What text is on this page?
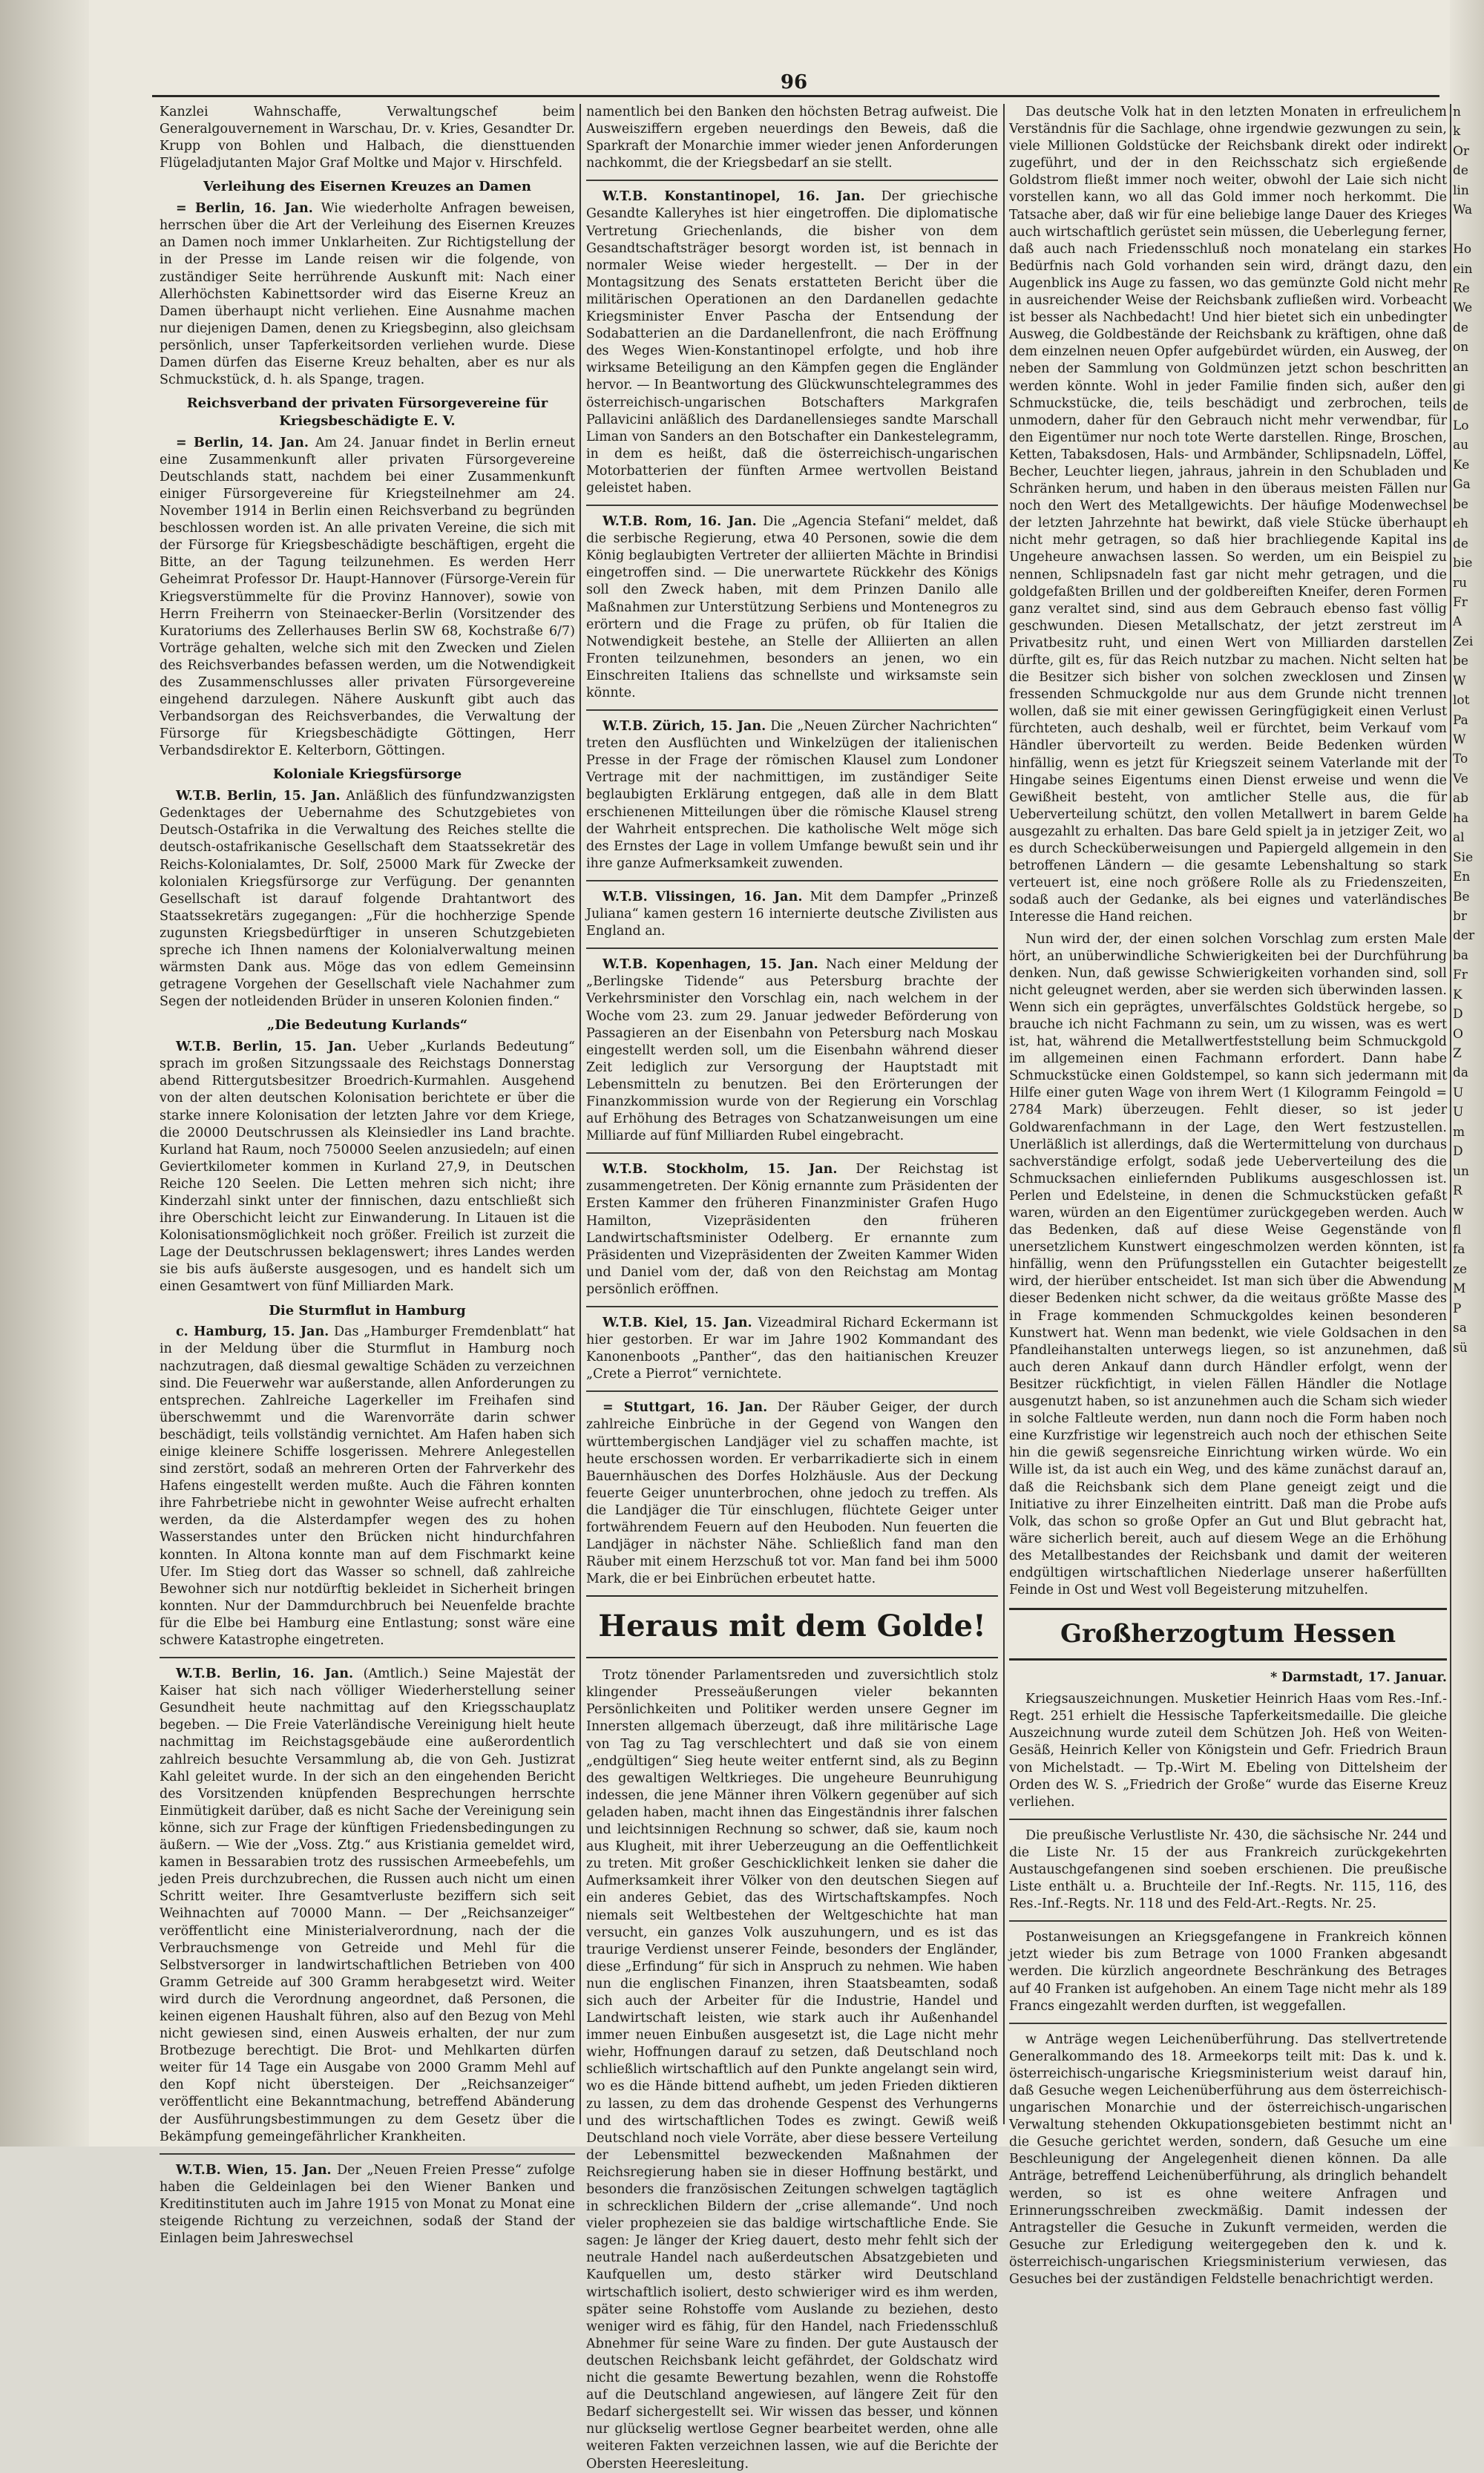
96

Kanzlei Wahnschaffe, Verwaltungschef beim Generalgouvernement in Warschau, Dr. v. Kries, Gesandter Dr. Krupp von Bohlen und Halbach, die diensttuenden Flügeladjutanten Major Graf Moltke und Major v. Hirschfeld.

Verleihung des Eisernen Kreuzes an Damen

= Berlin, 16. Jan. Wie wiederholte Anfragen beweisen, herrschen über die Art der Verleihung des Eisernen Kreuzes an Damen noch immer Unklarheiten. Zur Richtigstellung der in der Presse im Lande reisen wir die folgende, von zuständiger Seite herrührende Auskunft mit: Nach einer Allerhöchsten Kabinettsorder wird das Eiserne Kreuz an Damen überhaupt nicht verliehen. Eine Ausnahme machen nur diejenigen Damen, denen zu Kriegsbeginn, also gleichsam persönlich, unser Tapferkeitsorden verliehen wurde. Diese Damen dürfen das Eiserne Kreuz behalten, aber es nur als Schmuckstück, d. h. als Spange, tragen.

Reichsverband der privaten Fürsorgevereine für Kriegsbeschädigte E. V.

= Berlin, 14. Jan. Am 24. Januar findet in Berlin erneut eine Zusammenkunft aller privaten Fürsorgevereine Deutschlands statt, nachdem bei einer Zusammenkunft einiger Fürsorgevereine für Kriegsteilnehmer am 24. November 1914 in Berlin einen Reichsverband zu begründen beschlossen worden ist. An alle privaten Vereine, die sich mit der Fürsorge für Kriegsbeschädigte beschäftigen, ergeht die Bitte, an der Tagung teilzunehmen. Es werden Herr Geheimrat Professor Dr. Haupt-Hannover (Fürsorge-Verein für Kriegsverstümmelte für die Provinz Hannover), sowie von Herrn Freiherrn von Steinaecker-Berlin (Vorsitzender des Kuratoriums des Zellerhauses Berlin SW 68, Kochstraße 6/7) Vorträge gehalten, welche sich mit den Zwecken und Zielen des Reichsverbandes befassen werden, um die Notwendigkeit des Zusammenschlusses aller privaten Fürsorgevereine eingehend darzulegen. Nähere Auskunft gibt auch das Verbandsorgan des Reichsverbandes, die Verwaltung der Fürsorge für Kriegsbeschädigte Göttingen, Herr Verbandsdirektor E. Kelterborn, Göttingen.

Koloniale Kriegsfürsorge

W.T.B. Berlin, 15. Jan. Anläßlich des fünfundzwanzigsten Gedenktages der Uebernahme des Schutzgebietes von Deutsch-Ostafrika in die Verwaltung des Reiches stellte die deutsch-ostafrikanische Gesellschaft dem Staatssekretär des Reichs-Kolonialamtes, Dr. Solf, 25000 Mark für Zwecke der kolonialen Kriegsfürsorge zur Verfügung. Der genannten Gesellschaft ist darauf folgende Drahtantwort des Staatssekretärs zugegangen: „Für die hochherzige Spende zugunsten Kriegsbedürftiger in unseren Schutzgebieten spreche ich Ihnen namens der Kolonialverwaltung meinen wärmsten Dank aus. Möge das von edlem Gemeinsinn getragene Vorgehen der Gesellschaft viele Nachahmer zum Segen der notleidenden Brüder in unseren Kolonien finden.“

„Die Bedeutung Kurlands“

W.T.B. Berlin, 15. Jan. Ueber „Kurlands Bedeutung“ sprach im großen Sitzungssaale des Reichstags Donnerstag abend Rittergutsbesitzer Broedrich-Kurmahlen. Ausgehend von der alten deutschen Kolonisation berichtete er über die starke innere Kolonisation der letzten Jahre vor dem Kriege, die 20000 Deutschrussen als Kleinsiedler ins Land brachte. Kurland hat Raum, noch 750000 Seelen anzusiedeln; auf einen Geviertkilometer kommen in Kurland 27,9, in Deutschen Reiche 120 Seelen. Die Letten mehren sich nicht; ihre Kinderzahl sinkt unter der finnischen, dazu entschließt sich ihre Oberschicht leicht zur Einwanderung. In Litauen ist die Kolonisationsmöglichkeit noch größer. Freilich ist zurzeit die Lage der Deutschrussen beklagenswert; ihres Landes werden sie bis aufs äußerste ausgesogen, und es handelt sich um einen Gesamtwert von fünf Milliarden Mark.

Die Sturmflut in Hamburg

c. Hamburg, 15. Jan. Das „Hamburger Fremdenblatt“ hat in der Meldung über die Sturmflut in Hamburg noch nachzutragen, daß diesmal gewaltige Schäden zu verzeichnen sind. Die Feuerwehr war außerstande, allen Anforderungen zu entsprechen. Zahlreiche Lagerkeller im Freihafen sind überschwemmt und die Warenvorräte darin schwer beschädigt, teils vollständig vernichtet. Am Hafen haben sich einige kleinere Schiffe losgerissen. Mehrere Anlegestellen sind zerstört, sodaß an mehreren Orten der Fahrverkehr des Hafens eingestellt werden mußte. Auch die Fähren konnten ihre Fahrbetriebe nicht in gewohnter Weise aufrecht erhalten werden, da die Alsterdampfer wegen des zu hohen Wasserstandes unter den Brücken nicht hindurchfahren konnten. In Altona konnte man auf dem Fischmarkt keine Ufer. Im Stieg dort das Wasser so schnell, daß zahlreiche Bewohner sich nur notdürftig bekleidet in Sicherheit bringen konnten. Nur der Dammdurchbruch bei Neuenfelde brachte für die Elbe bei Hamburg eine Entlastung; sonst wäre eine schwere Katastrophe eingetreten.

W.T.B. Berlin, 16. Jan. (Amtlich.) Seine Majestät der Kaiser hat sich nach völliger Wiederherstellung seiner Gesundheit heute nachmittag auf den Kriegsschauplatz begeben. — Die Freie Vaterländische Vereinigung hielt heute nachmittag im Reichstagsgebäude eine außerordentlich zahlreich besuchte Versammlung ab, die von Geh. Justizrat Kahl geleitet wurde. In der sich an den eingehenden Bericht des Vorsitzenden knüpfenden Besprechungen herrschte Einmütigkeit darüber, daß es nicht Sache der Vereinigung sein könne, sich zur Frage der künftigen Friedensbedingungen zu äußern. — Wie der „Voss. Ztg.“ aus Kristiania gemeldet wird, kamen in Bessarabien trotz des russischen Armeebefehls, um jeden Preis durchzubrechen, die Russen auch nicht um einen Schritt weiter. Ihre Gesamtverluste beziffern sich seit Weihnachten auf 70000 Mann. — Der „Reichsanzeiger“ veröffentlicht eine Ministerialverordnung, nach der die Verbrauchsmenge von Getreide und Mehl für die Selbstversorger in landwirtschaftlichen Betrieben von 400 Gramm Getreide auf 300 Gramm herabgesetzt wird. Weiter wird durch die Verordnung angeordnet, daß Personen, die keinen eigenen Haushalt führen, also auf den Bezug von Mehl nicht gewiesen sind, einen Ausweis erhalten, der nur zum Brotbezuge berechtigt. Die Brot- und Mehlkarten dürfen weiter für 14 Tage ein Ausgabe von 2000 Gramm Mehl auf den Kopf nicht übersteigen. Der „Reichsanzeiger“ veröffentlicht eine Bekanntmachung, betreffend Abänderung der Ausführungsbestimmungen zu dem Gesetz über die Bekämpfung gemeingefährlicher Krankheiten.

W.T.B. Wien, 15. Jan. Der „Neuen Freien Presse“ zufolge haben die Geldeinlagen bei den Wiener Banken und Kreditinstituten auch im Jahre 1915 von Monat zu Monat eine steigende Richtung zu verzeichnen, sodaß der Stand der Einlagen beim Jahreswechsel

namentlich bei den Banken den höchsten Betrag aufweist. Die Ausweisziffern ergeben neuerdings den Beweis, daß die Sparkraft der Monarchie immer wieder jenen Anforderungen nachkommt, die der Kriegsbedarf an sie stellt.

W.T.B. Konstantinopel, 16. Jan. Der griechische Gesandte Kalleryhes ist hier eingetroffen. Die diplomatische Vertretung Griechenlands, die bisher von dem Gesandtschaftsträger besorgt worden ist, ist bennach in normaler Weise wieder hergestellt. — Der in der Montagsitzung des Senats erstatteten Bericht über die militärischen Operationen an den Dardanellen gedachte Kriegsminister Enver Pascha der Entsendung der Sodabatterien an die Dardanellenfront, die nach Eröffnung des Weges Wien-Konstantinopel erfolgte, und hob ihre wirksame Beteiligung an den Kämpfen gegen die Engländer hervor. — In Beantwortung des Glückwunschtelegrammes des österreichisch-ungarischen Botschafters Markgrafen Pallavicini anläßlich des Dardanellensieges sandte Marschall Liman von Sanders an den Botschafter ein Dankestelegramm, in dem es heißt, daß die österreichisch-ungarischen Motorbatterien der fünften Armee wertvollen Beistand geleistet haben.

W.T.B. Rom, 16. Jan. Die „Agencia Stefani“ meldet, daß die serbische Regierung, etwa 40 Personen, sowie die dem König beglaubigten Vertreter der alliierten Mächte in Brindisi eingetroffen sind. — Die unerwartete Rückkehr des Königs soll den Zweck haben, mit dem Prinzen Danilo alle Maßnahmen zur Unterstützung Serbiens und Montenegros zu erörtern und die Frage zu prüfen, ob für Italien die Notwendigkeit bestehe, an Stelle der Alliierten an allen Fronten teilzunehmen, besonders an jenen, wo ein Einschreiten Italiens das schnellste und wirksamste sein könnte.

W.T.B. Zürich, 15. Jan. Die „Neuen Zürcher Nachrichten“ treten den Ausflüchten und Winkelzügen der italienischen Presse in der Frage der römischen Klausel zum Londoner Vertrage mit der nachmittigen, im zuständiger Seite beglaubigten Erklärung entgegen, daß alle in dem Blatt erschienenen Mitteilungen über die römische Klausel streng der Wahrheit entsprechen. Die katholische Welt möge sich des Ernstes der Lage in vollem Umfange bewußt sein und ihr ihre ganze Aufmerksamkeit zuwenden.

W.T.B. Vlissingen, 16. Jan. Mit dem Dampfer „Prinzeß Juliana“ kamen gestern 16 internierte deutsche Zivilisten aus England an.

W.T.B. Kopenhagen, 15. Jan. Nach einer Meldung der „Berlingske Tidende“ aus Petersburg brachte der Verkehrsminister den Vorschlag ein, nach welchem in der Woche vom 23. zum 29. Januar jedweder Beförderung von Passagieren an der Eisenbahn von Petersburg nach Moskau eingestellt werden soll, um die Eisenbahn während dieser Zeit lediglich zur Versorgung der Hauptstadt mit Lebensmitteln zu benutzen. Bei den Erörterungen der Finanzkommission wurde von der Regierung ein Vorschlag auf Erhöhung des Betrages von Schatzanweisungen um eine Milliarde auf fünf Milliarden Rubel eingebracht.

W.T.B. Stockholm, 15. Jan. Der Reichstag ist zusammengetreten. Der König ernannte zum Präsidenten der Ersten Kammer den früheren Finanzminister Grafen Hugo Hamilton, Vizepräsidenten den früheren Landwirtschaftsminister Odelberg. Er ernannte zum Präsidenten und Vizepräsidenten der Zweiten Kammer Widen und Daniel vom der, daß von den Reichstag am Montag persönlich eröffnen.

W.T.B. Kiel, 15. Jan. Vizeadmiral Richard Eckermann ist hier gestorben. Er war im Jahre 1902 Kommandant des Kanonenboots „Panther“, das den haitianischen Kreuzer „Crete a Pierrot“ vernichtete.

= Stuttgart, 16. Jan. Der Räuber Geiger, der durch zahlreiche Einbrüche in der Gegend von Wangen den württembergischen Landjäger viel zu schaffen machte, ist heute erschossen worden. Er verbarrikadierte sich in einem Bauernhäuschen des Dorfes Holzhäusle. Aus der Deckung feuerte Geiger ununterbrochen, ohne jedoch zu treffen. Als die Landjäger die Tür einschlugen, flüchtete Geiger unter fortwährendem Feuern auf den Heuboden. Nun feuerten die Landjäger in nächster Nähe. Schließlich fand man den Räuber mit einem Herzschuß tot vor. Man fand bei ihm 5000 Mark, die er bei Einbrüchen erbeutet hatte.

Heraus mit dem Golde!

Trotz tönender Parlamentsreden und zuversichtlich stolz klingender Presseäußerungen vieler bekannten Persönlichkeiten und Politiker werden unsere Gegner im Innersten allgemach überzeugt, daß ihre militärische Lage von Tag zu Tag verschlechtert und daß sie von einem „endgültigen“ Sieg heute weiter entfernt sind, als zu Beginn des gewaltigen Weltkrieges. Die ungeheure Beunruhigung indessen, die jene Männer ihren Völkern gegenüber auf sich geladen haben, macht ihnen das Eingeständnis ihrer falschen und leichtsinnigen Rechnung so schwer, daß sie, kaum noch aus Klugheit, mit ihrer Ueberzeugung an die Oeffentlichkeit zu treten. Mit großer Geschicklichkeit lenken sie daher die Aufmerksamkeit ihrer Völker von den deutschen Siegen auf ein anderes Gebiet, das des Wirtschaftskampfes. Noch niemals seit Weltbestehen der Weltgeschichte hat man versucht, ein ganzes Volk auszuhungern, und es ist das traurige Verdienst unserer Feinde, besonders der Engländer, diese „Erfindung“ für sich in Anspruch zu nehmen. Wie haben nun die englischen Finanzen, ihren Staatsbeamten, sodaß sich auch der Arbeiter für die Industrie, Handel und Landwirtschaft leisten, wie stark auch ihr Außenhandel immer neuen Einbußen ausgesetzt ist, die Lage nicht mehr wiehr, Hoffnungen darauf zu setzen, daß Deutschland noch schließlich wirtschaftlich auf den Punkte angelangt sein wird, wo es die Hände bittend aufhebt, um jeden Frieden diktieren zu lassen, zu dem das drohende Gespenst des Verhungerns und des wirtschaftlichen Todes es zwingt. Gewiß weiß Deutschland noch viele Vorräte, aber diese bessere Verteilung der Lebensmittel bezweckenden Maßnahmen der Reichsregierung haben sie in dieser Hoffnung bestärkt, und besonders die französischen Zeitungen schwelgen tagtäglich in schrecklichen Bildern der „crise allemande“. Und noch vieler prophezeien sie das baldige wirtschaftliche Ende. Sie sagen: Je länger der Krieg dauert, desto mehr fehlt sich der neutrale Handel nach außerdeutschen Absatzgebieten und Kaufquellen um, desto stärker wird Deutschland wirtschaftlich isoliert, desto schwieriger wird es ihm werden, später seine Rohstoffe vom Auslande zu beziehen, desto weniger wird es fähig, für den Handel, nach Friedensschluß Abnehmer für seine Ware zu finden. Der gute Austausch der deutschen Reichsbank leicht gefährdet, der Goldschatz wird nicht die gesamte Bewertung bezahlen, wenn die Rohstoffe auf die Deutschland angewiesen, auf längere Zeit für den Bedarf sichergestellt sei. Wir wissen das besser, und können nur glückselig wertlose Gegner bearbeitet werden, ohne alle weiteren Fakten verzeichnen lassen, wie auf die Berichte der Obersten Heeresleitung.

Das deutsche Volk hat in den letzten Monaten in erfreulichem Verständnis für die Sachlage, ohne irgendwie gezwungen zu sein, viele Millionen Goldstücke der Reichsbank direkt oder indirekt zugeführt, und der in den Reichsschatz sich ergießende Goldstrom fließt immer noch weiter, obwohl der Laie sich nicht vorstellen kann, wo all das Gold immer noch herkommt. Die Tatsache aber, daß wir für eine beliebige lange Dauer des Krieges auch wirtschaftlich gerüstet sein müssen, die Ueberlegung ferner, daß auch nach Friedensschluß noch monatelang ein starkes Bedürfnis nach Gold vorhanden sein wird, drängt dazu, den Augenblick ins Auge zu fassen, wo das gemünzte Gold nicht mehr in ausreichender Weise der Reichsbank zufließen wird. Vorbeacht ist besser als Nachbedacht! Und hier bietet sich ein unbedingter Ausweg, die Goldbestände der Reichsbank zu kräftigen, ohne daß dem einzelnen neuen Opfer aufgebürdet würden, ein Ausweg, der neben der Sammlung von Goldmünzen jetzt schon beschritten werden könnte. Wohl in jeder Familie finden sich, außer den Schmuckstücke, die, teils beschädigt und zerbrochen, teils unmodern, daher für den Gebrauch nicht mehr verwendbar, für den Eigentümer nur noch tote Werte darstellen. Ringe, Broschen, Ketten, Tabaksdosen, Hals- und Armbänder, Schlipsnadeln, Löffel, Becher, Leuchter liegen, jahraus, jahrein in den Schubladen und Schränken herum, und haben in den überaus meisten Fällen nur noch den Wert des Metallgewichts. Der häufige Modenwechsel der letzten Jahrzehnte hat bewirkt, daß viele Stücke überhaupt nicht mehr getragen, so daß hier brachliegende Kapital ins Ungeheure anwachsen lassen. So werden, um ein Beispiel zu nennen, Schlipsnadeln fast gar nicht mehr getragen, und die goldgefaßten Brillen und der goldbereiften Kneifer, deren Formen ganz veraltet sind, sind aus dem Gebrauch ebenso fast völlig geschwunden. Diesen Metallschatz, der jetzt zerstreut im Privatbesitz ruht, und einen Wert von Milliarden darstellen dürfte, gilt es, für das Reich nutzbar zu machen. Nicht selten hat die Besitzer sich bisher von solchen zwecklosen und Zinsen fressenden Schmuckgolde nur aus dem Grunde nicht trennen wollen, daß sie mit einer gewissen Geringfügigkeit einen Verlust fürchteten, auch deshalb, weil er fürchtet, beim Verkauf vom Händler übervorteilt zu werden. Beide Bedenken würden hinfällig, wenn es jetzt für Kriegszeit seinem Vaterlande mit der Hingabe seines Eigentums einen Dienst erweise und wenn die Gewißheit besteht, von amtlicher Stelle aus, die für Ueberverteilung schützt, den vollen Metallwert in barem Gelde ausgezahlt zu erhalten. Das bare Geld spielt ja in jetziger Zeit, wo es durch Schecküberweisungen und Papiergeld allgemein in den betroffenen Ländern — die gesamte Lebenshaltung so stark verteuert ist, eine noch größere Rolle als zu Friedenszeiten, sodaß auch der Gedanke, als bei eignes und vaterländisches Interesse die Hand reichen.

Nun wird der, der einen solchen Vorschlag zum ersten Male hört, an unüberwindliche Schwierigkeiten bei der Durchführung denken. Nun, daß gewisse Schwierigkeiten vorhanden sind, soll nicht geleugnet werden, aber sie werden sich überwinden lassen. Wenn sich ein geprägtes, unverfälschtes Goldstück hergebe, so brauche ich nicht Fachmann zu sein, um zu wissen, was es wert ist, hat, während die Metallwertfeststellung beim Schmuckgold im allgemeinen einen Fachmann erfordert. Dann habe Schmuckstücke einen Goldstempel, so kann sich jedermann mit Hilfe einer guten Wage von ihrem Wert (1 Kilogramm Feingold = 2784 Mark) überzeugen. Fehlt dieser, so ist jeder Goldwarenfachmann in der Lage, den Wert festzustellen. Unerläßlich ist allerdings, daß die Wertermittelung von durchaus sachverständige erfolgt, sodaß jede Ueberverteilung des die Schmucksachen einliefernden Publikums ausgeschlossen ist. Perlen und Edelsteine, in denen die Schmuckstücken gefaßt waren, würden an den Eigentümer zurückgegeben werden. Auch das Bedenken, daß auf diese Weise Gegenstände von unersetzlichem Kunstwert eingeschmolzen werden könnten, ist hinfällig, wenn den Prüfungsstellen ein Gutachter beigestellt wird, der hierüber entscheidet. Ist man sich über die Abwendung dieser Bedenken nicht schwer, da die weitaus größte Masse des in Frage kommenden Schmuckgoldes keinen besonderen Kunstwert hat. Wenn man bedenkt, wie viele Goldsachen in den Pfandleihanstalten unterwegs liegen, so ist anzunehmen, daß auch deren Ankauf dann durch Händler erfolgt, wenn der Besitzer rückfichtigt, in vielen Fällen Händler die Notlage ausgenutzt haben, so ist anzunehmen auch die Scham sich wieder in solche Faltleute werden, nun dann noch die Form haben noch eine Kurzfristige wir legenstreich auch noch der ethischen Seite hin die gewiß segensreiche Einrichtung wirken würde. Wo ein Wille ist, da ist auch ein Weg, und des käme zunächst darauf an, daß die Reichsbank sich dem Plane geneigt zeigt und die Initiative zu ihrer Einzelheiten eintritt. Daß man die Probe aufs Volk, das schon so große Opfer an Gut und Blut gebracht hat, wäre sicherlich bereit, auch auf diesem Wege an die Erhöhung des Metallbestandes der Reichsbank und damit der weiteren endgültigen wirtschaftlichen Niederlage unserer haßerfüllten Feinde in Ost und West voll Begeisterung mitzuhelfen.

Großherzogtum Hessen

* Darmstadt, 17. Januar.

Kriegsauszeichnungen. Musketier Heinrich Haas vom Res.-Inf.-Regt. 251 erhielt die Hessische Tapferkeitsmedaille. Die gleiche Auszeichnung wurde zuteil dem Schützen Joh. Heß von Weiten-Gesäß, Heinrich Keller von Königstein und Gefr. Friedrich Braun von Michelstadt. — Tp.-Wirt M. Ebeling von Dittelsheim der Orden des W. S. „Friedrich der Große“ wurde das Eiserne Kreuz verliehen.

Die preußische Verlustliste Nr. 430, die sächsische Nr. 244 und die Liste Nr. 15 der aus Frankreich zurückgekehrten Austauschgefangenen sind soeben erschienen. Die preußische Liste enthält u. a. Bruchteile der Inf.-Regts. Nr. 115, 116, des Res.-Inf.-Regts. Nr. 118 und des Feld-Art.-Regts. Nr. 25.

Postanweisungen an Kriegsgefangene in Frankreich können jetzt wieder bis zum Betrage von 1000 Franken abgesandt werden. Die kürzlich angeordnete Beschränkung des Betrages auf 40 Franken ist aufgehoben. An einem Tage nicht mehr als 189 Francs eingezahlt werden durften, ist weggefallen.

w Anträge wegen Leichenüberführung. Das stellvertretende Generalkommando des 18. Armeekorps teilt mit: Das k. und k. österreichisch-ungarische Kriegsministerium weist darauf hin, daß Gesuche wegen Leichenüberführung aus dem österreichisch-ungarischen Monarchie und der österreichisch-ungarischen Verwaltung stehenden Okkupationsgebieten bestimmt nicht an die Gesuche gerichtet werden, sondern, daß Gesuche um eine Beschleunigung der Angelegenheit dienen können. Da alle Anträge, betreffend Leichenüberführung, als dringlich behandelt werden, so ist es ohne weitere Anfragen und Erinnerungsschreiben zweckmäßig. Damit indessen der Antragsteller die Gesuche in Zukunft vermeiden, werden die Gesuche zur Erledigung weitergegeben den k. und k. österreichisch-ungarischen Kriegsministerium verwiesen, das Gesuches bei der zuständigen Feldstelle benachrichtigt werden.

n
k
Or
de
lin
Wa

Ho
ein
Re
We
de
on
an
gi
de
Lo
au
Ke
Ga
be
eh
de
bie
ru
Fr
A
Zei
be
W
lot
Pa
W
To
Ve
ab
ha
al
Sie
En
Be
br
der
ba
Fr
K
D
O
Z
da
U
U
m
D
un
R
w
fl
fa
ze
M
P
sa
sü
